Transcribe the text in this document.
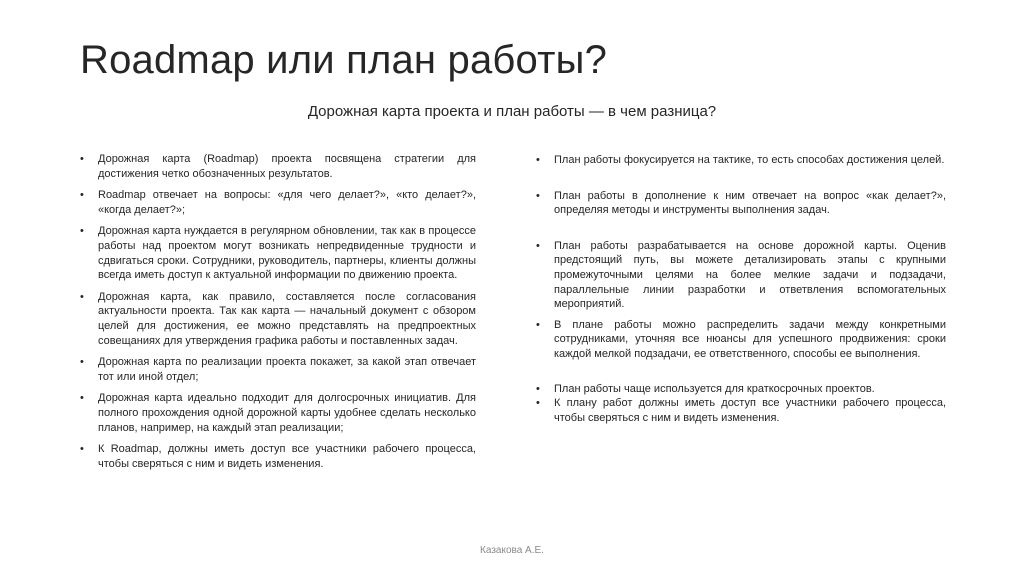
Roadmap или план работы?
Дорожная карта проекта и план работы — в чем разница?
• Дорожная карта (Roadmap) проекта посвящена стратегии для достижения четко обозначенных результатов.
• Roadmap отвечает на вопросы: «для чего делает?», «кто делает?», «когда делает?»;
• Дорожная карта нуждается в регулярном обновлении, так как в процессе работы над проектом могут возникать непредвиденные трудности и сдвигаться сроки. Сотрудники, руководитель, партнеры, клиенты должны всегда иметь доступ к актуальной информации по движению проекта.
• Дорожная карта, как правило, составляется после согласования актуальности проекта. Так как карта — начальный документ с обзором целей для достижения, ее можно представлять на предпроектных совещаниях для утверждения графика работы и поставленных задач.
• Дорожная карта по реализации проекта покажет, за какой этап отвечает тот или иной отдел;
• Дорожная карта идеально подходит для долгосрочных инициатив. Для полного прохождения одной дорожной карты удобнее сделать несколько планов, например, на каждый этап реализации;
• К Roadmap, должны иметь доступ все участники рабочего процесса, чтобы сверяться с ним и видеть изменения.
• План работы фокусируется на тактике, то есть способах достижения целей.
• План работы в дополнение к ним отвечает на вопрос «как делает?», определяя методы и инструменты выполнения задач.
• План работы разрабатывается на основе дорожной карты. Оценив предстоящий путь, вы можете детализировать этапы с крупными промежуточными целями на более мелкие задачи и подзадачи, параллельные линии разработки и ответвления вспомогательных мероприятий.
• В плане работы можно распределить задачи между конкретными сотрудниками, уточняя все нюансы для успешного продвижения: сроки каждой мелкой подзадачи, ее ответственного, способы ее выполнения.
• План работы чаще используется для краткосрочных проектов.
• К плану работ должны иметь доступ все участники рабочего процесса, чтобы сверяться с ним и видеть изменения.
Казакова А.Е.
